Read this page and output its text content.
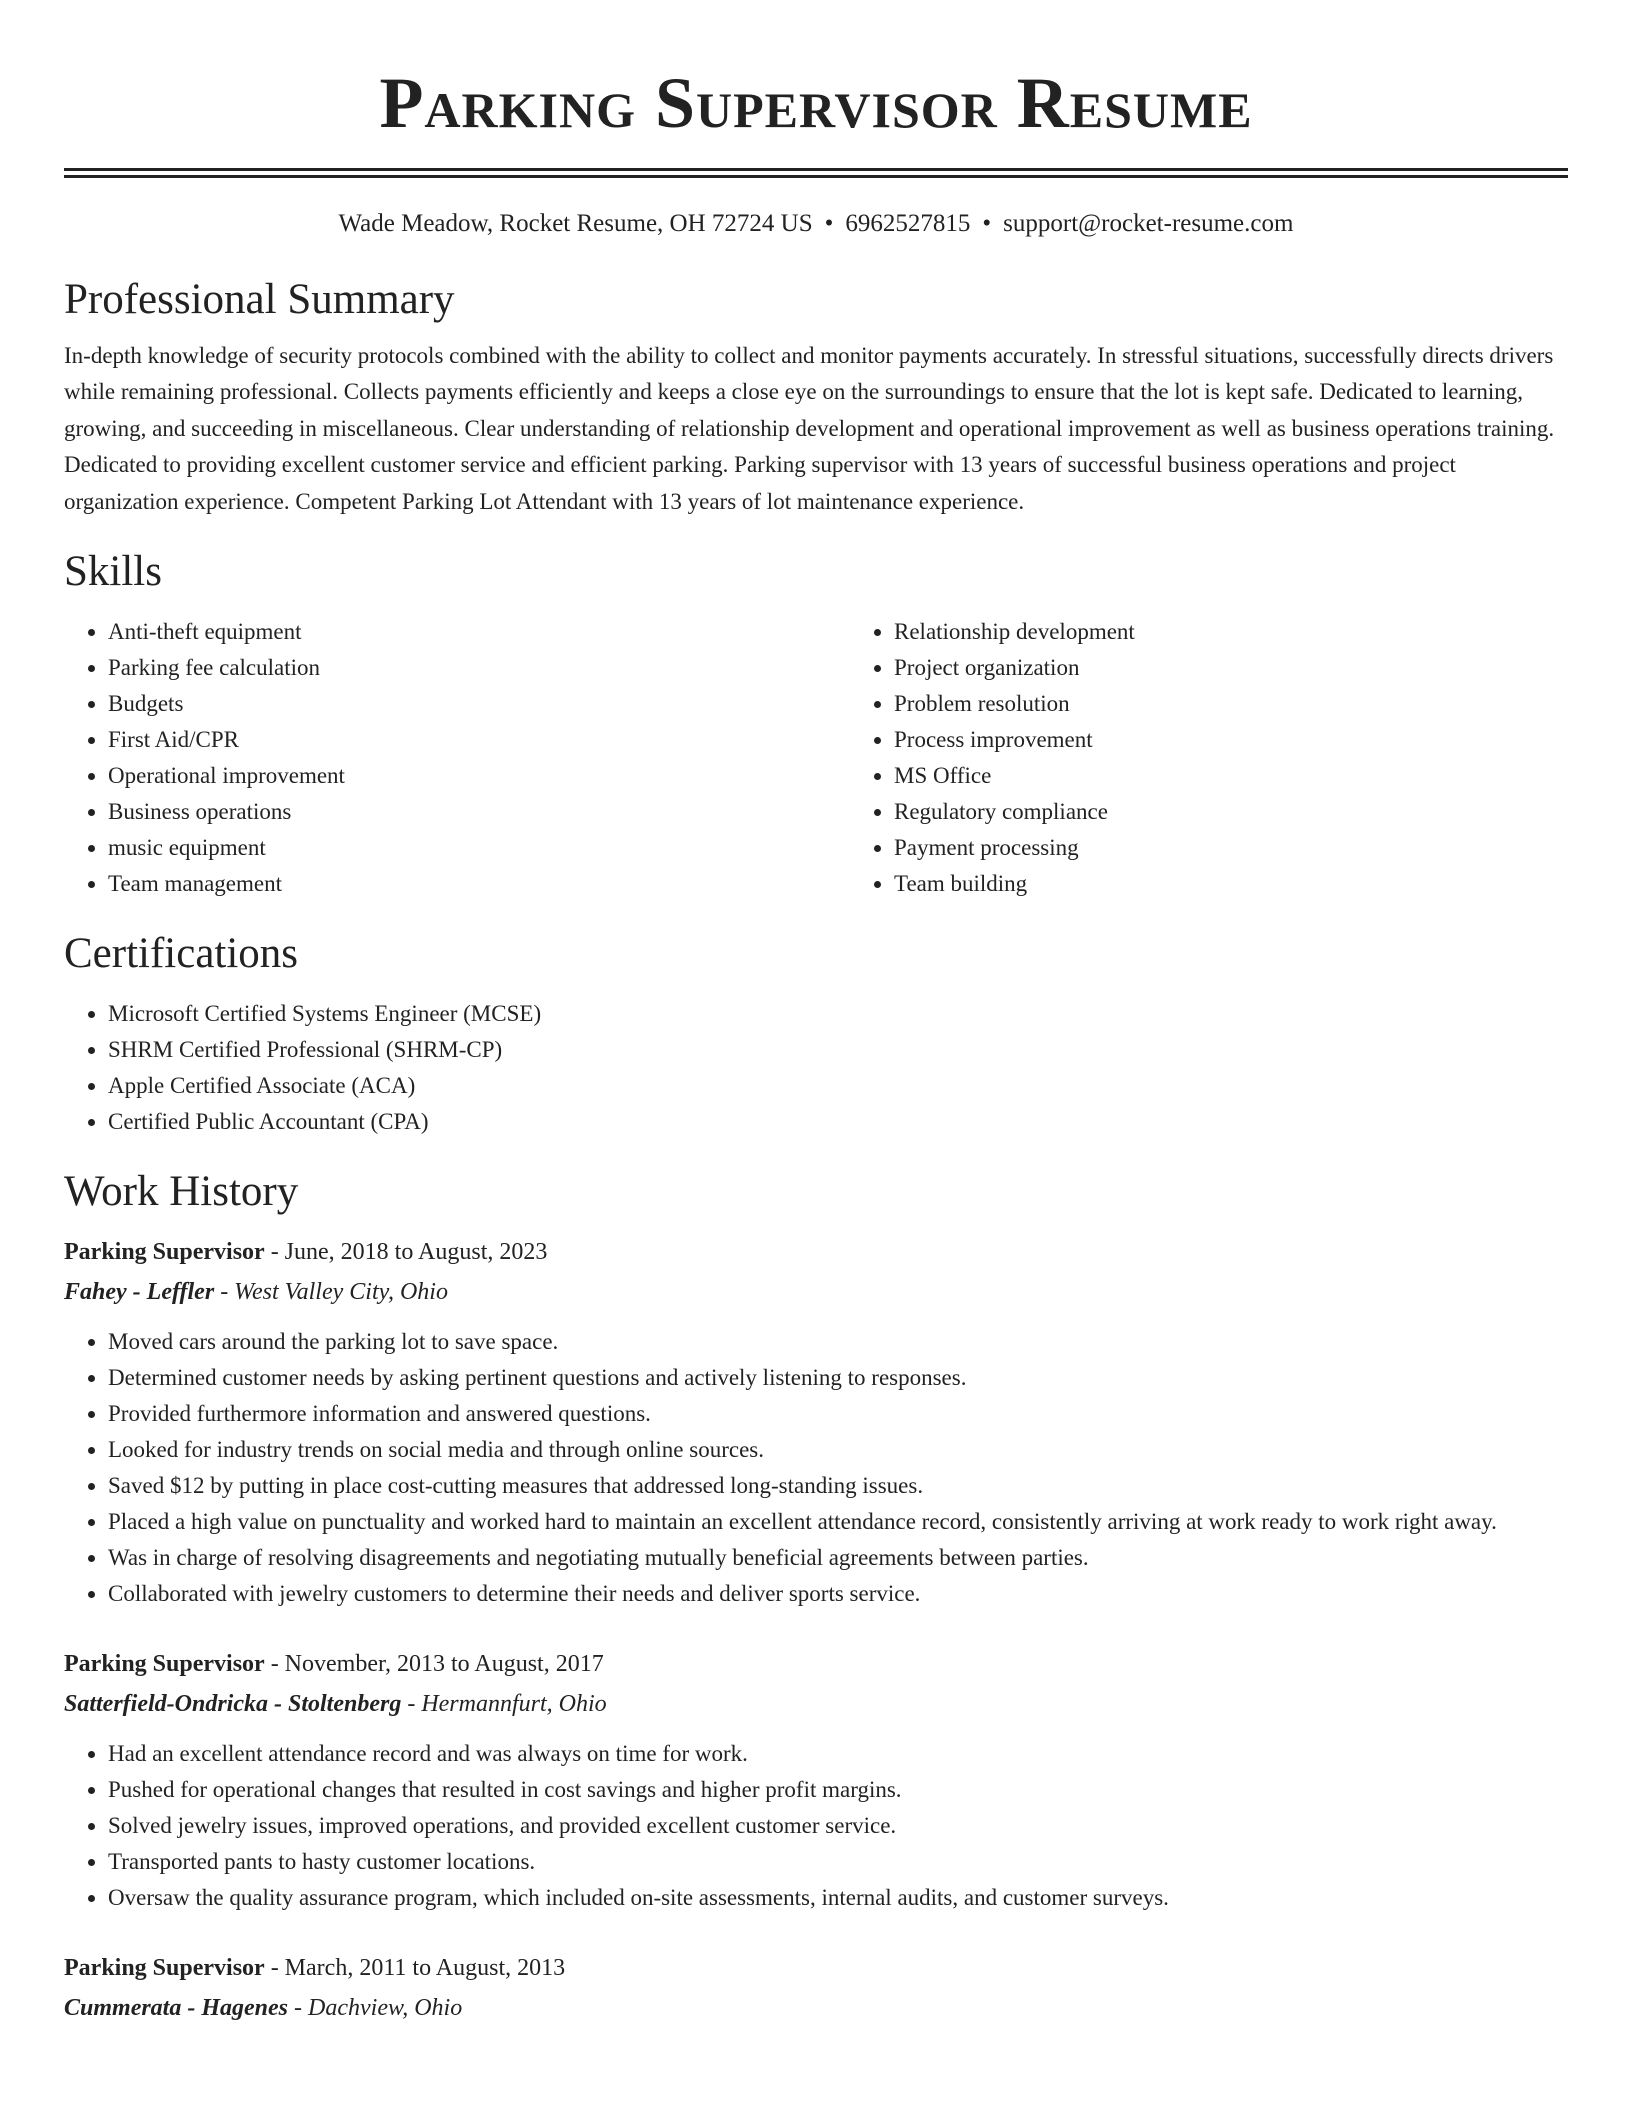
Parking Supervisor Resume
Wade Meadow, Rocket Resume, OH 72724 US • 6962527815 • support@rocket-resume.com
Professional Summary

In-depth knowledge of security protocols combined with the ability to collect and monitor payments accurately. In stressful situations, successfully directs drivers while remaining professional. Collects payments efficiently and keeps a close eye on the surroundings to ensure that the lot is kept safe. Dedicated to learning, growing, and succeeding in miscellaneous. Clear understanding of relationship development and operational improvement as well as business operations training. Dedicated to providing excellent customer service and efficient parking. Parking supervisor with 13 years of successful business operations and project organization experience. Competent Parking Lot Attendant with 13 years of lot maintenance experience.

Skills
• Anti-theft equipment
• Parking fee calculation
• Budgets
• First Aid/CPR
• Operational improvement
• Business operations
• music equipment
• Team management
• Relationship development
• Project organization
• Problem resolution
• Process improvement
• MS Office
• Regulatory compliance
• Payment processing
• Team building
Certifications
• Microsoft Certified Systems Engineer (MCSE)
• SHRM Certified Professional (SHRM-CP)
• Apple Certified Associate (ACA)
• Certified Public Accountant (CPA)
Work History
Parking Supervisor - June, 2018 to August, 2023
Fahey - Leffler - West Valley City, Ohio
• Moved cars around the parking lot to save space.
• Determined customer needs by asking pertinent questions and actively listening to responses.
• Provided furthermore information and answered questions.
• Looked for industry trends on social media and through online sources.
• Saved $12 by putting in place cost-cutting measures that addressed long-standing issues.
• Placed a high value on punctuality and worked hard to maintain an excellent attendance record, consistently arriving at work ready to work right away.
• Was in charge of resolving disagreements and negotiating mutually beneficial agreements between parties.
• Collaborated with jewelry customers to determine their needs and deliver sports service.
Parking Supervisor - November, 2013 to August, 2017
Satterfield-Ondricka - Stoltenberg - Hermannfurt, Ohio
• Had an excellent attendance record and was always on time for work.
• Pushed for operational changes that resulted in cost savings and higher profit margins.
• Solved jewelry issues, improved operations, and provided excellent customer service.
• Transported pants to hasty customer locations.
• Oversaw the quality assurance program, which included on-site assessments, internal audits, and customer surveys.
Parking Supervisor - March, 2011 to August, 2013
Cummerata - Hagenes - Dachview, Ohio
